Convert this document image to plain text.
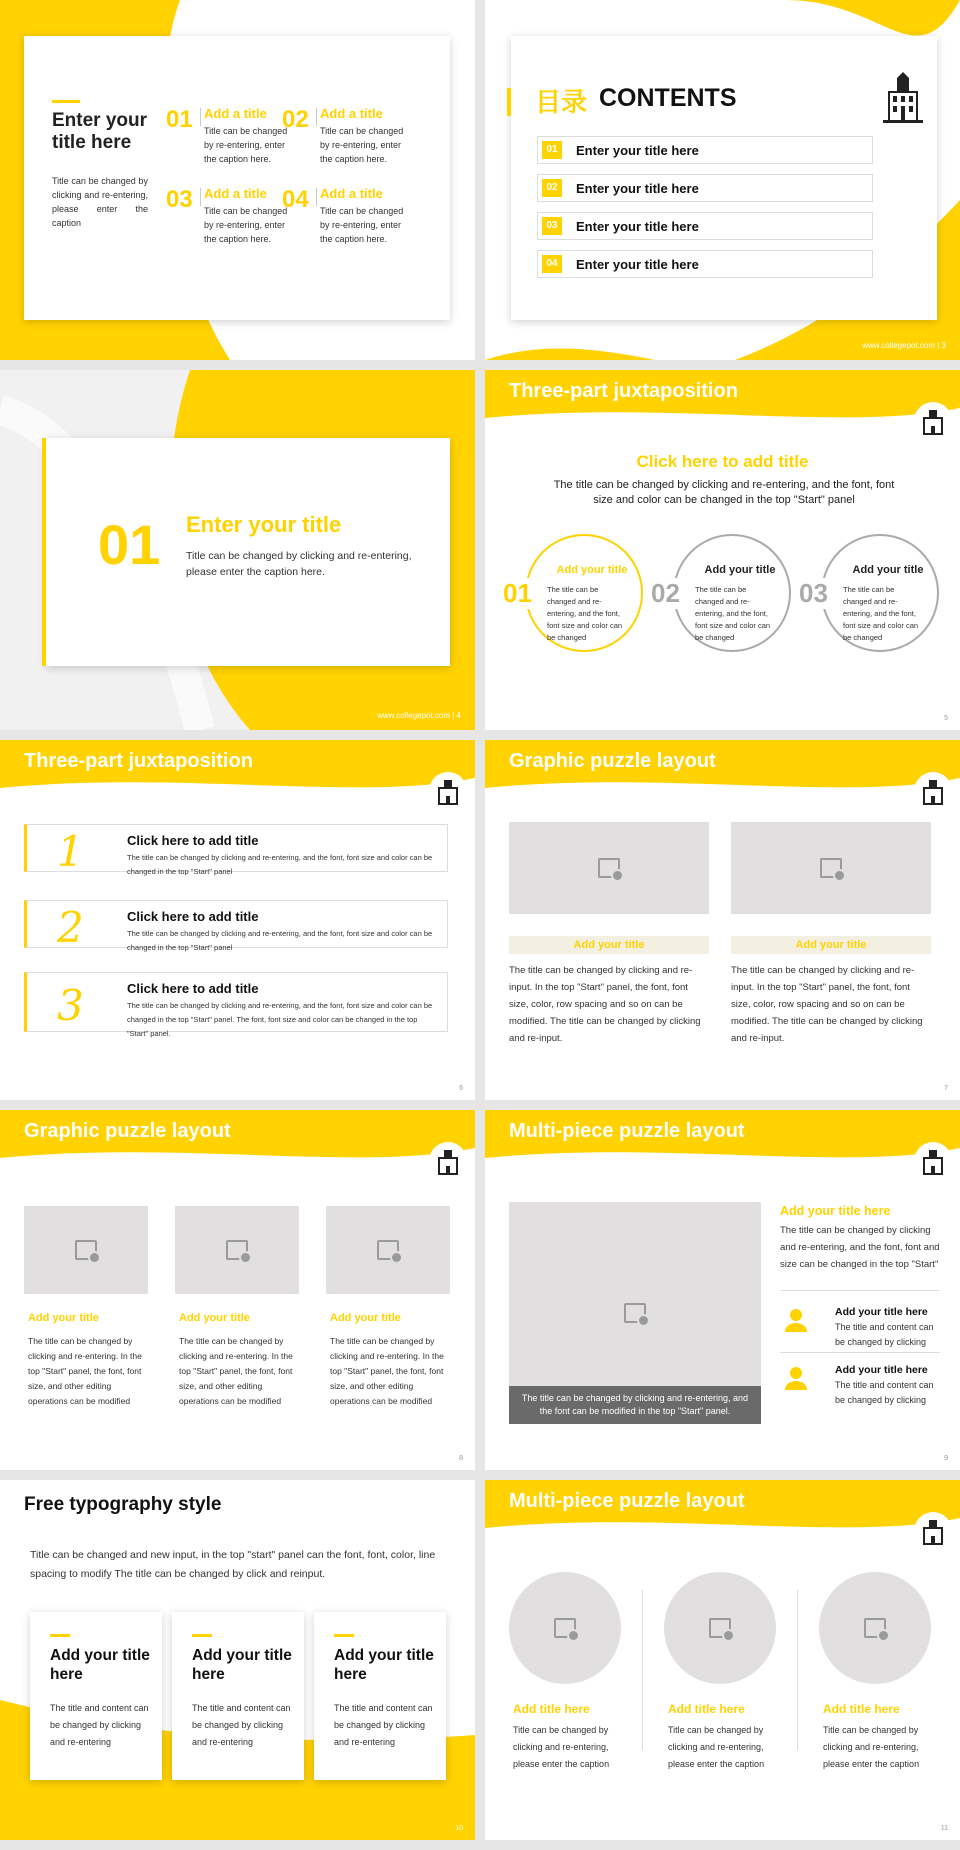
Enter your title here
Title can be changed by clicking and re-entering, please enter the caption
01 Add a title
Title can be changed by re-entering, enter the caption here.
02 Add a title
Title can be changed by re-entering, enter the caption here.
03 Add a title
Title can be changed by re-entering, enter the caption here.
04 Add a title
Title can be changed by re-entering, enter the caption here.
www.collegepot.com | 2
目录 CONTENTS
01	Enter your title here
02	Enter your title here
03	Enter your title here
04	Enter your title here
www.collegepot.com | 3
01 Enter your title
Title can be changed by clicking and re-entering, please enter the caption here.
www.collegepot.com | 4
Three-part juxtaposition
Click here to add title
The title can be changed by clicking and re-entering, and the font, font size and color can be changed in the top "Start" panel
Add your title
The title can be changed and re-entering, and the font, font size and color can be changed
01
Add your title
The title can be changed and re-entering, and the font, font size and color can be changed
02
Add your title
The title can be changed and re-entering, and the font, font size and color can be changed
03
5
Three-part juxtaposition
1	Click here to add title
The title can be changed by clicking and re-entering, and the font, font size and color can be changed in the top "Start" panel
2	Click here to add title
The title can be changed by clicking and re-entering, and the font, font size and color can be changed in the top "Start" panel
3	Click here to add title
The title can be changed by clicking and re-entering, and the font, font size and color can be changed in the top "Start" panel. The font, font size and color can be changed in the top "Start" panel.
6
Graphic puzzle layout
Add your title
The title can be changed by clicking and re-input. In the top "Start" panel, the font, font size, color, row spacing and so on can be modified. The title can be changed by clicking and re-input.
Add your title
The title can be changed by clicking and re-input. In the top "Start" panel, the font, font size, color, row spacing and so on can be modified. The title can be changed by clicking and re-input.
7
Graphic puzzle layout
Add your title
The title can be changed by clicking and re-entering. In the top "Start" panel, the font, font size, and other editing operations can be modified
Add your title
The title can be changed by clicking and re-entering. In the top "Start" panel, the font, font size, and other editing operations can be modified
Add your title
The title can be changed by clicking and re-entering. In the top "Start" panel, the font, font size, and other editing operations can be modified
8
Multi-piece puzzle layout
The title can be changed by clicking and re-entering, and the font can be modified in the top "Start" panel.
Add your title here
The title can be changed by clicking and re-entering, and the font, font and size can be changed in the top "Start"
Add your title here
The title and content can be changed by clicking
Add your title here
The title and content can be changed by clicking
9
Free typography style
Title can be changed and new input, in the top "start" panel can the font, font, color, line spacing to modify The title can be changed by click and reinput.
Add your title here
The title and content can be changed by clicking and re-entering
Add your title here
The title and content can be changed by clicking and re-entering
Add your title here
The title and content can be changed by clicking and re-entering
10
Multi-piece puzzle layout
Add title here
Title can be changed by clicking and re-entering, please enter the caption
Add title here
Title can be changed by clicking and re-entering, please enter the caption
Add title here
Title can be changed by clicking and re-entering, please enter the caption
11
